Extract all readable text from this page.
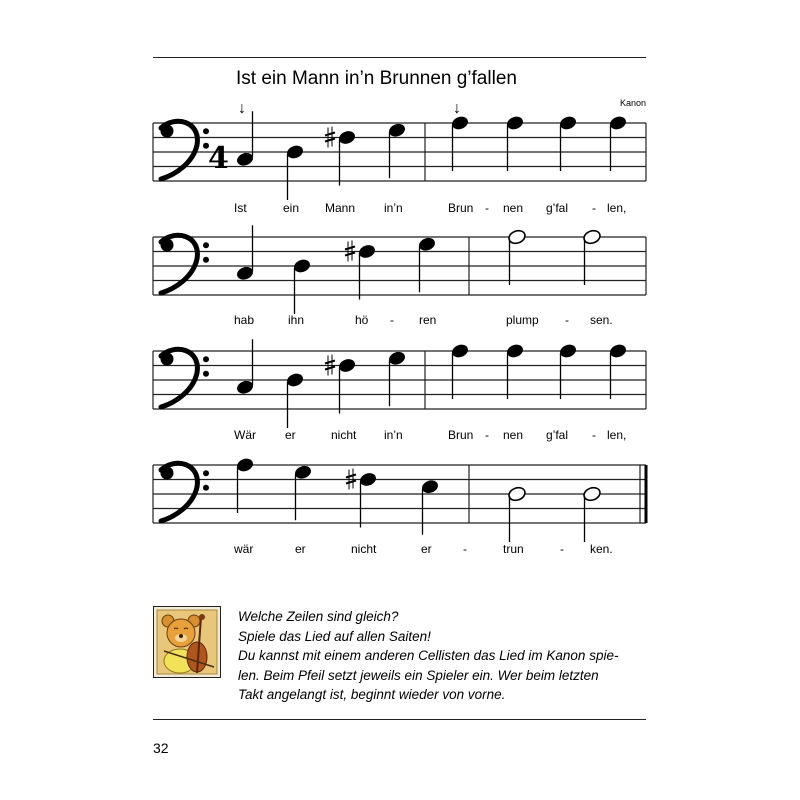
Ist ein Mann in’n Brunnen g’fallen
Kanon
↓	↓
4
Ist	ein Mann in’n	Brun - nen g’fal - len,
hab	ihn	hö - ren	plump - sen.
Wär er	nicht in’n	Brun - nen g’fal - len,
wär	er	nicht	er	-	trun	- ken.
Welche Zeilen sind gleich?
Spiele das Lied auf allen Saiten!
Du kannst mit einem anderen Cellisten das Lied im Kanon spie-
len. Beim Pfeil setzt jeweils ein Spieler ein. Wer beim letzten
Takt angelangt ist, beginnt wieder von vorne.
32
